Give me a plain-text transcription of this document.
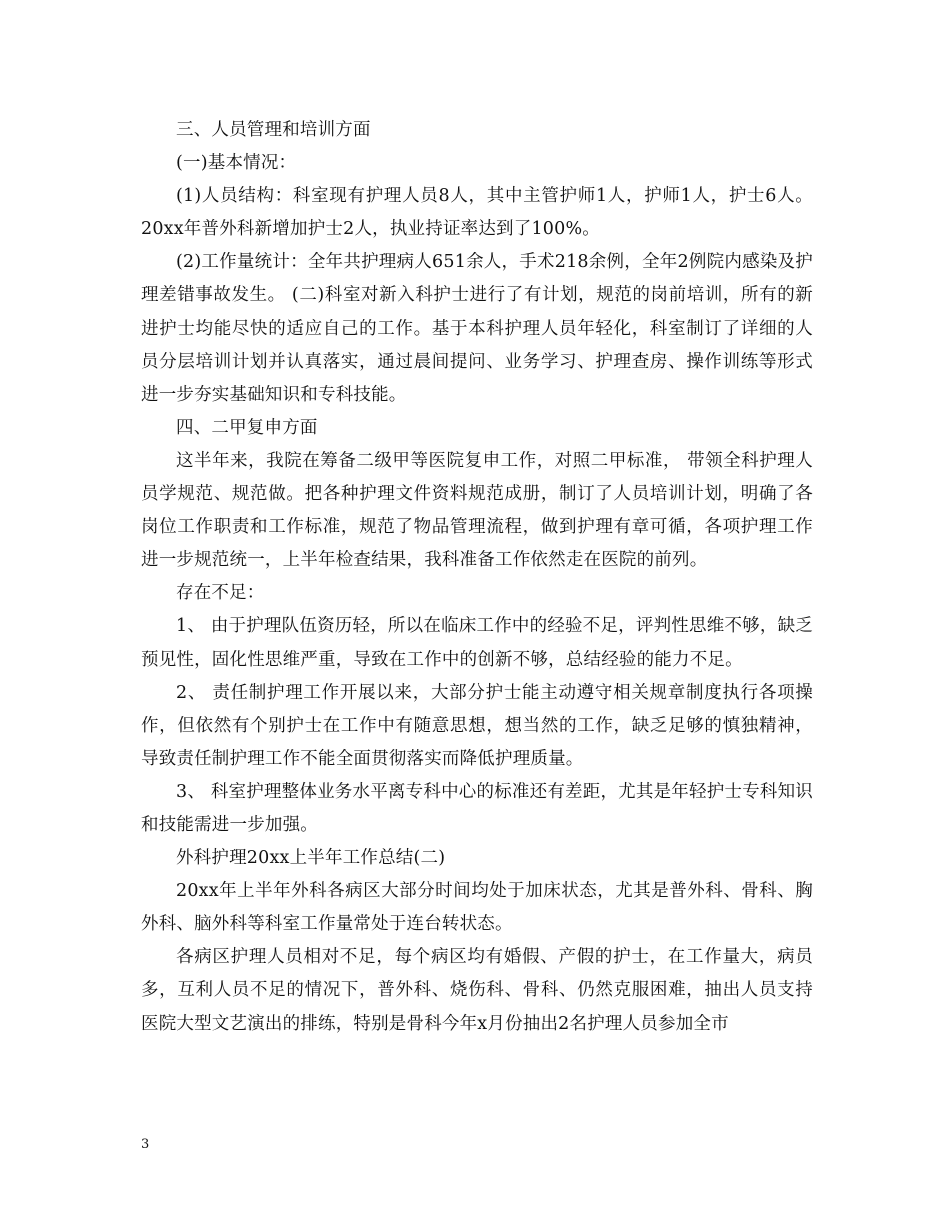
三、人员管理和培训方面

(一)基本情况：

(1)人员结构：科室现有护理人员8人，其中主管护师1人，护师1人，护士6人。 20xx年普外科新增加护士2人，执业持证率达到了100%。

(2)工作量统计：全年共护理病人651余人，手术218余例，全年2例院内感染及护理差错事故发生。 (二)科室对新入科护士进行了有计划，规范的岗前培训，所有的新进护士均能尽快的适应自己的工作。基于本科护理人员年轻化，科室制订了详细的人员分层培训计划并认真落实，通过晨间提问、业务学习、护理查房、操作训练等形式进一步夯实基础知识和专科技能。

四、二甲复申方面

这半年来，我院在筹备二级甲等医院复申工作，对照二甲标准， 带领全科护理人员学规范、规范做。把各种护理文件资料规范成册，制订了人员培训计划，明确了各岗位工作职责和工作标准，规范了物品管理流程，做到护理有章可循，各项护理工作进一步规范统一，上半年检查结果，我科准备工作依然走在医院的前列。

存在不足：

1、 由于护理队伍资历轻，所以在临床工作中的经验不足，评判性思维不够，缺乏预见性，固化性思维严重，导致在工作中的创新不够，总结经验的能力不足。

2、 责任制护理工作开展以来，大部分护士能主动遵守相关规章制度执行各项操作，但依然有个别护士在工作中有随意思想，想当然的工作，缺乏足够的慎独精神，导致责任制护理工作不能全面贯彻落实而降低护理质量。

3、 科室护理整体业务水平离专科中心的标准还有差距，尤其是年轻护士专科知识和技能需进一步加强。

外科护理20xx上半年工作总结(二)

20xx年上半年外科各病区大部分时间均处于加床状态，尤其是普外科、骨科、胸外科、脑外科等科室工作量常处于连台转状态。

各病区护理人员相对不足，每个病区均有婚假、产假的护士，在工作量大，病员多，互利人员不足的情况下，普外科、烧伤科、骨科、仍然克服困难，抽出人员支持医院大型文艺演出的排练，特别是骨科今年x月份抽出2名护理人员参加全市

3
